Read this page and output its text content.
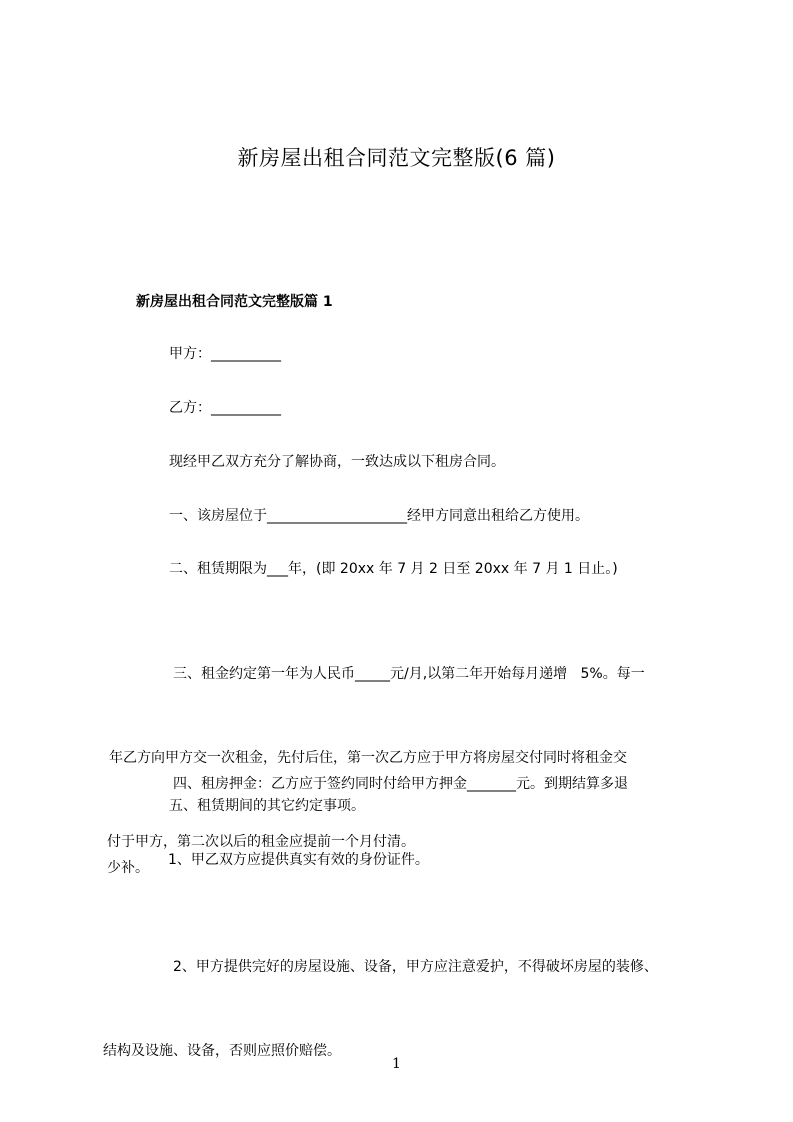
新房屋出租合同范文完整版(6 篇)
新房屋出租合同范文完整版篇 1
甲方：__________
乙方：__________
现经甲乙双方充分了解协商，一致达成以下租房合同。
一、该房屋位于____________________经甲方同意出租给乙方使用。
二、租赁期限为___年，(即 20xx 年 7 月 2 日至 20xx 年 7 月 1 日止。)

三、租金约定第一年为人民币_____元/月,以第二年开始每月递增   5%。每一

年乙方向甲方交一次租金，先付后住，第一次乙方应于甲方将房屋交付同时将租金交

付于甲方，第二次以后的租金应提前一个月付清。

四、租房押金：乙方应于签约同时付给甲方押金_______元。到期结算多退

少补。

五、租赁期间的其它约定事项。
1、甲乙双方应提供真实有效的身份证件。

2、甲方提供完好的房屋设施、设备，甲方应注意爱护，不得破坏房屋的装修、

结构及设施、设备，否则应照价赔偿。

1
